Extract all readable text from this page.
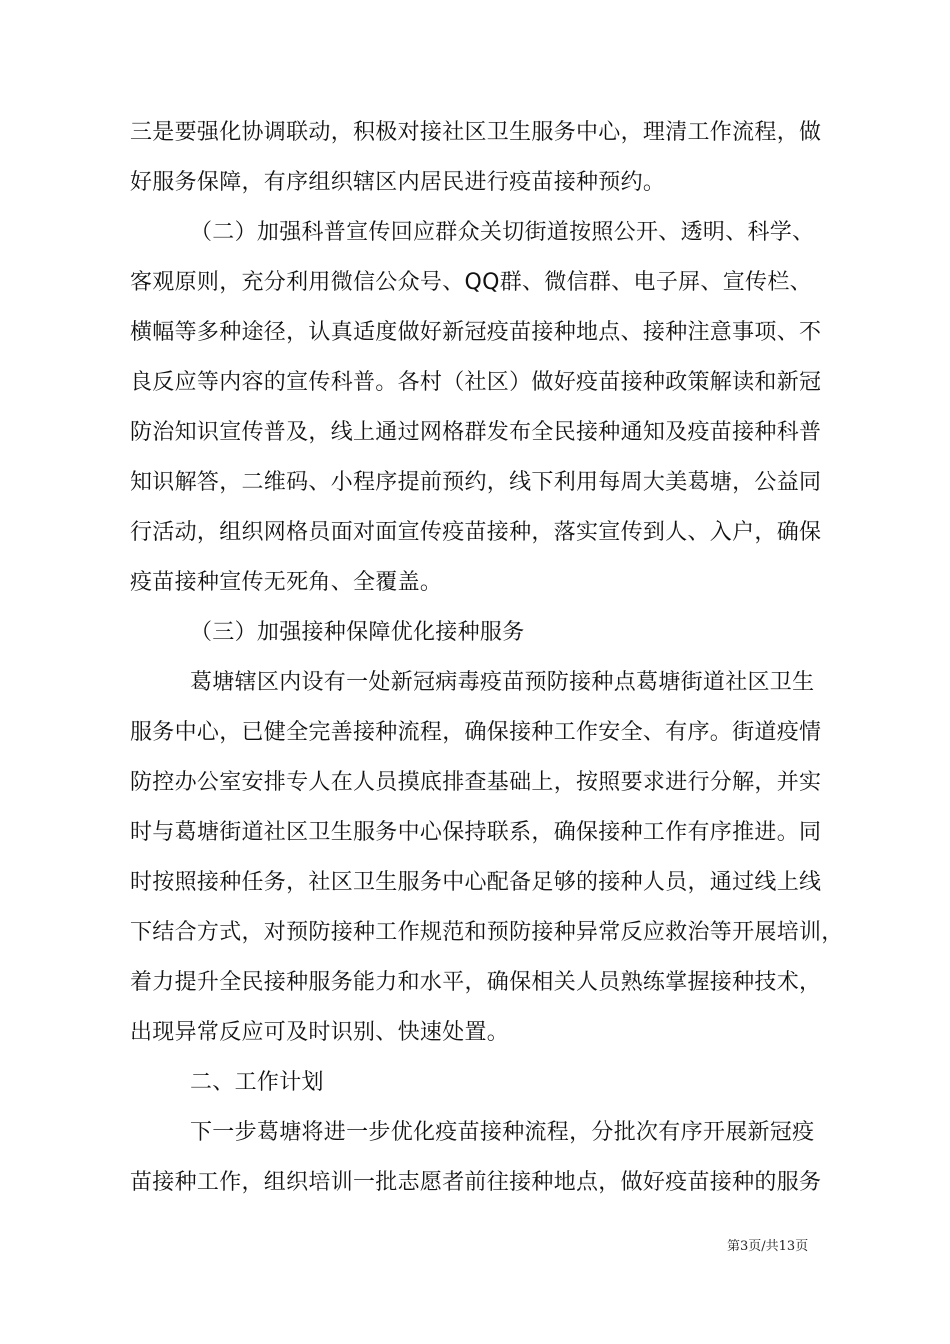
三是要强化协调联动，积极对接社区卫生服务中心，理清工作流程，做
好服务保障，有序组织辖区内居民进行疫苗接种预约。
（二）加强科普宣传回应群众关切街道按照公开、透明、科学、
客观原则，充分利用微信公众号、QQ群、微信群、电子屏、宣传栏、
横幅等多种途径，认真适度做好新冠疫苗接种地点、接种注意事项、不
良反应等内容的宣传科普。各村（社区）做好疫苗接种政策解读和新冠
防治知识宣传普及，线上通过网格群发布全民接种通知及疫苗接种科普
知识解答，二维码、小程序提前预约，线下利用每周大美葛塘，公益同
行活动，组织网格员面对面宣传疫苗接种，落实宣传到人、入户，确保
疫苗接种宣传无死角、全覆盖。
（三）加强接种保障优化接种服务
葛塘辖区内设有一处新冠病毒疫苗预防接种点葛塘街道社区卫生
服务中心，已健全完善接种流程，确保接种工作安全、有序。街道疫情
防控办公室安排专人在人员摸底排查基础上，按照要求进行分解，并实
时与葛塘街道社区卫生服务中心保持联系，确保接种工作有序推进。同
时按照接种任务，社区卫生服务中心配备足够的接种人员，通过线上线
下结合方式，对预防接种工作规范和预防接种异常反应救治等开展培训，
着力提升全民接种服务能力和水平，确保相关人员熟练掌握接种技术，
出现异常反应可及时识别、快速处置。
二、工作计划
下一步葛塘将进一步优化疫苗接种流程，分批次有序开展新冠疫
苗接种工作，组织培训一批志愿者前往接种地点，做好疫苗接种的服务
第3页/共13页
